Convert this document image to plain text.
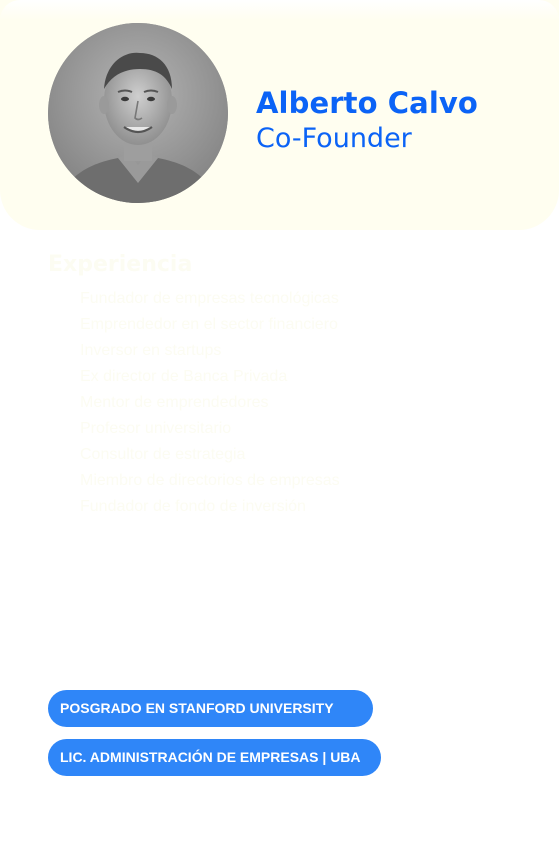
Alberto Calvo
Co-Founder
Experiencia
Fundador de empresas tecnológicas
Emprendedor en el sector financiero
Inversor en startups
Ex director de Banca Privada
Mentor de emprendedores
Profesor universitario
Consultor de estrategia
Miembro de directorios de empresas
Fundador de fondo de inversión
POSGRADO EN STANFORD UNIVERSITY
LIC. ADMINISTRACIÓN DE EMPRESAS | UBA
